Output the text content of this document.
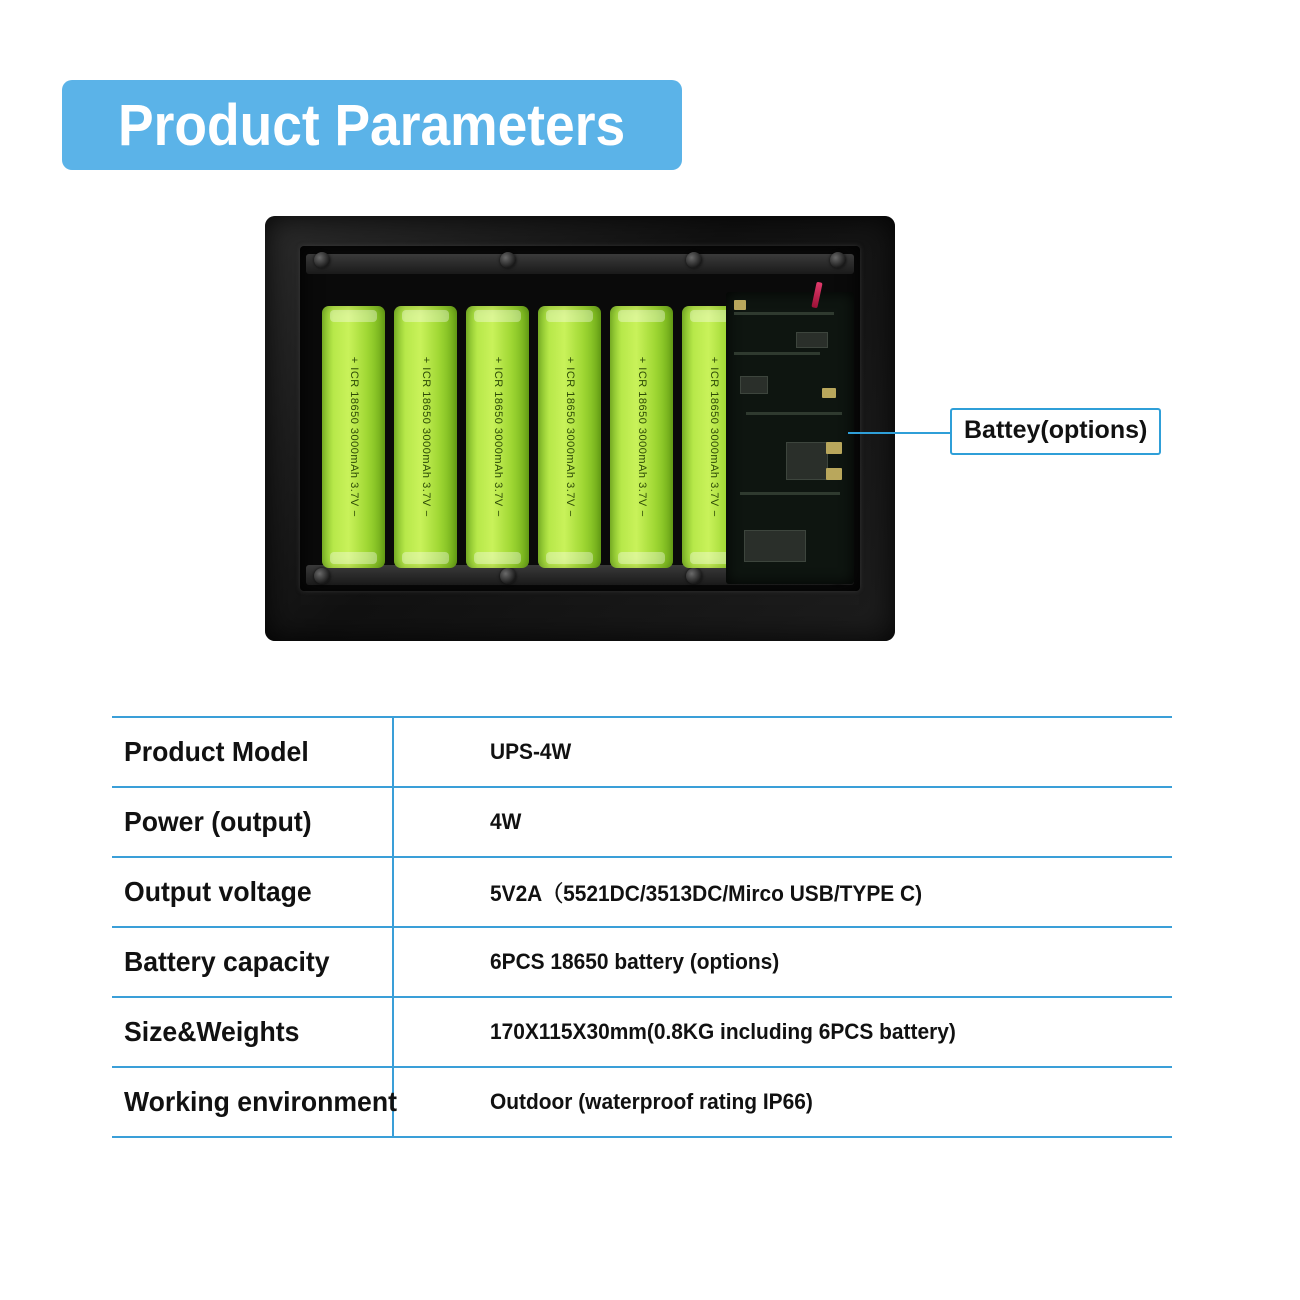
Product Parameters
+ ICR 18650 3000mAh 3.7V −	+ ICR 18650 3000mAh 3.7V −	+ ICR 18650 3000mAh 3.7V −	+ ICR 18650 3000mAh 3.7V −	+ ICR 18650 3000mAh 3.7V −	+ ICR 18650 3000mAh 3.7V −	Battey(options)
Product Model	UPS-4W
Power (output)	4W
Output voltage	5V2A（5521DC/3513DC/Mirco USB/TYPE C)
Battery capacity	6PCS 18650 battery (options)
Size&Weights	170X115X30mm(0.8KG including 6PCS battery)
Working environment	Outdoor (waterproof rating IP66)
